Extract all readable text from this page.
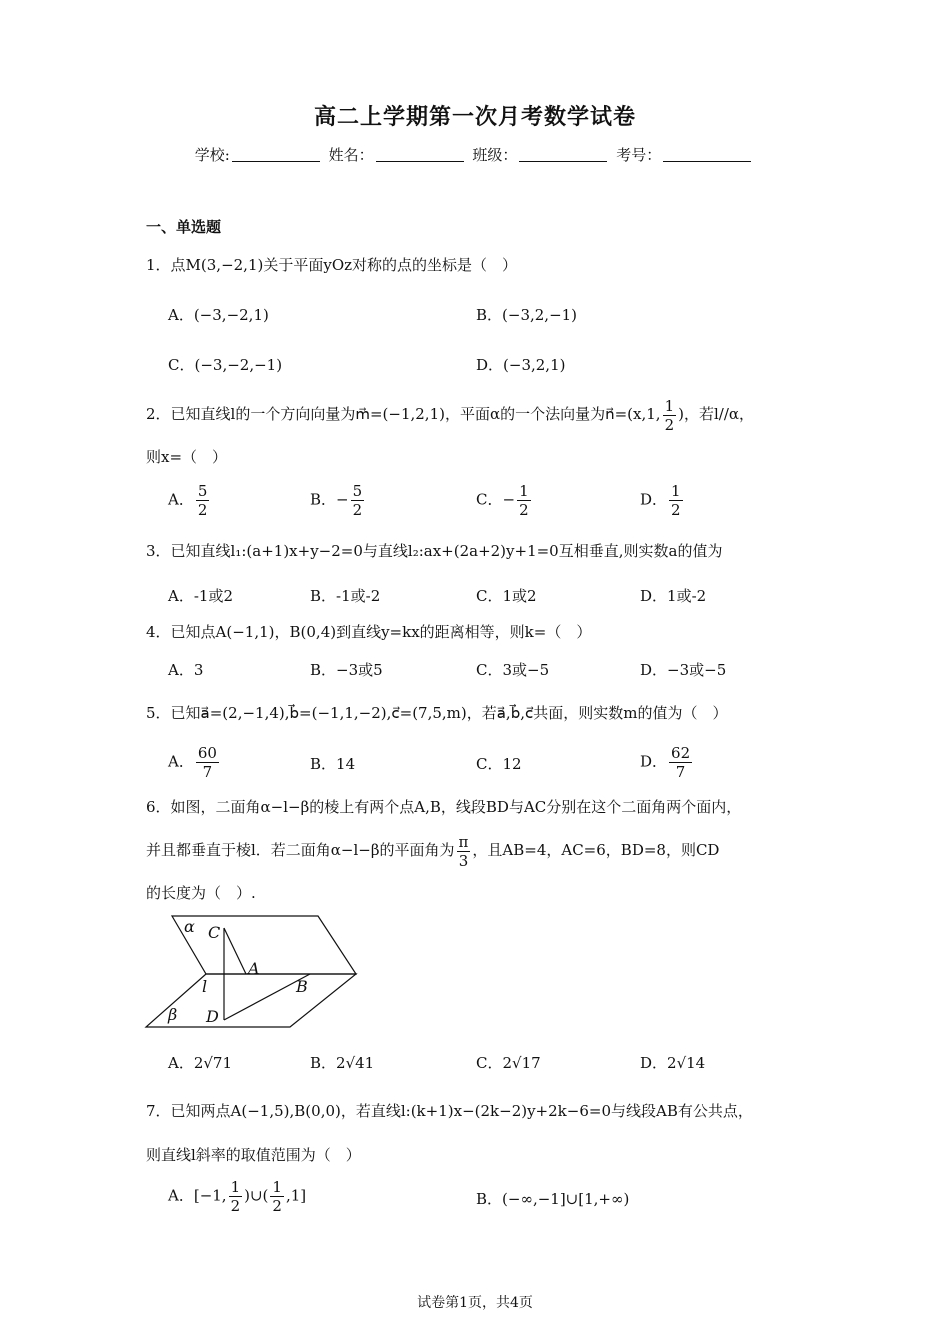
高二上学期第一次月考数学试卷
学校:	姓名：	班级：	考号：
一、单选题
1．点M(3,−2,1)关于平面yOz对称的点的坐标是（　）
A．(−3,−2,1)	B．(−3,2,−1)
C．(−3,−2,−1)	D．(−3,2,1)
2．已知直线l的一个方向向量为m⃗=(−1,2,1)，平面α的一个法向量为n⃗=(x,1, $\frac{1}{2}$ )，若l//α，
则x=（　）
A． $\frac{5}{2}$	B．− $\frac{5}{2}$	C．− $\frac{1}{2}$	D． $\frac{1}{2}$
3．已知直线l₁:(a+1)x+y−2=0与直线l₂:ax+(2a+2)y+1=0互相垂直,则实数a的值为
A．-1或2	B．-1或-2	C．1或2	D．1或-2
4．已知点A(−1,1)，B(0,4)到直线y=kx的距离相等，则k=（　）
A．3	B．−3或5	C．3或−5	D．−3或−5
5．已知a⃗=(2,−1,4),b⃗=(−1,1,−2),c⃗=(7,5,m)，若a⃗,b⃗,c⃗共面，则实数m的值为（　）
A． $\frac{60}{7}$	B．14	C．12	D． $\frac{62}{7}$
6．如图，二面角α−l−β的棱上有两个点A,B，线段BD与AC分别在这个二面角两个面内，
并且都垂直于棱l．若二面角α−l−β的平面角为 $\frac{\pi}{3}$ ，且AB=4，AC=6，BD=8，则CD
的长度为（　）.
α C
A
l	B
β D
A．2√71	B．2√41	C．2√17	D．2√14
7．已知两点A(−1,5),B(0,0)，若直线l:(k+1)x−(2k−2)y+2k−6=0与线段AB有公共点，
则直线l斜率的取值范围为（　）
A．[−1, $\frac{1}{2}$ )∪( $\frac{1}{2} ,1$]	B．(−∞,−1]∪[1,+∞)
试卷第1页，共4页
